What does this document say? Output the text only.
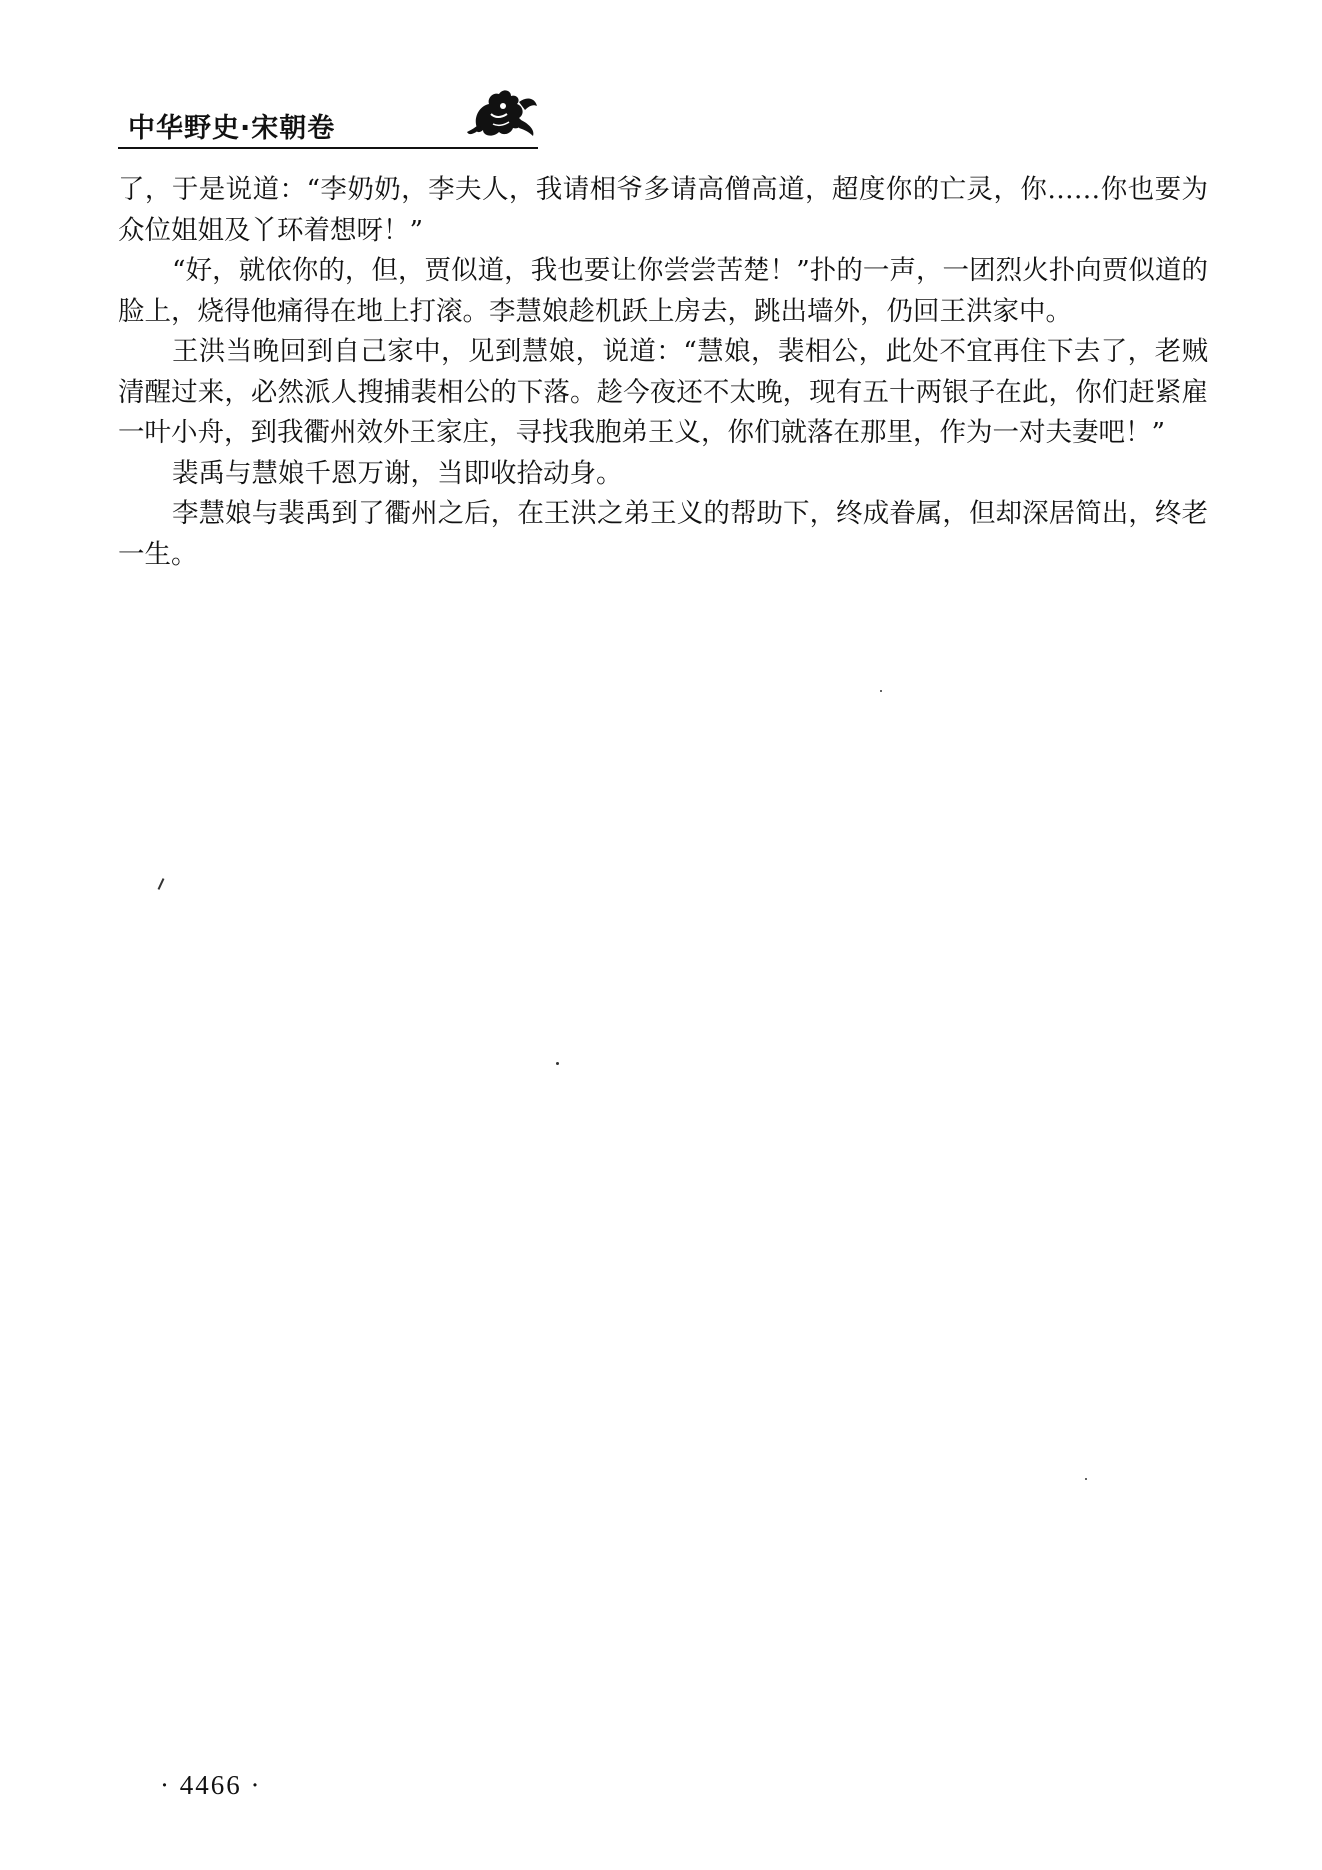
中华野史·宋朝卷

了，于是说道：“李奶奶，李夫人，我请相爷多请高僧高道，超度你的亡灵，你……你也要为众位姐姐及丫环着想呀！”

“好，就依你的，但，贾似道，我也要让你尝尝苦楚！”扑的一声，一团烈火扑向贾似道的脸上，烧得他痛得在地上打滚。李慧娘趁机跃上房去，跳出墙外，仍回王洪家中。

王洪当晚回到自己家中，见到慧娘，说道：“慧娘，裴相公，此处不宜再住下去了，老贼清醒过来，必然派人搜捕裴相公的下落。趁今夜还不太晚，现有五十两银子在此，你们赶紧雇一叶小舟，到我衢州效外王家庄，寻找我胞弟王义，你们就落在那里，作为一对夫妻吧！”

裴禹与慧娘千恩万谢，当即收拾动身。

李慧娘与裴禹到了衢州之后，在王洪之弟王义的帮助下，终成眷属，但却深居简出，终老一生。

· 4466 ·
